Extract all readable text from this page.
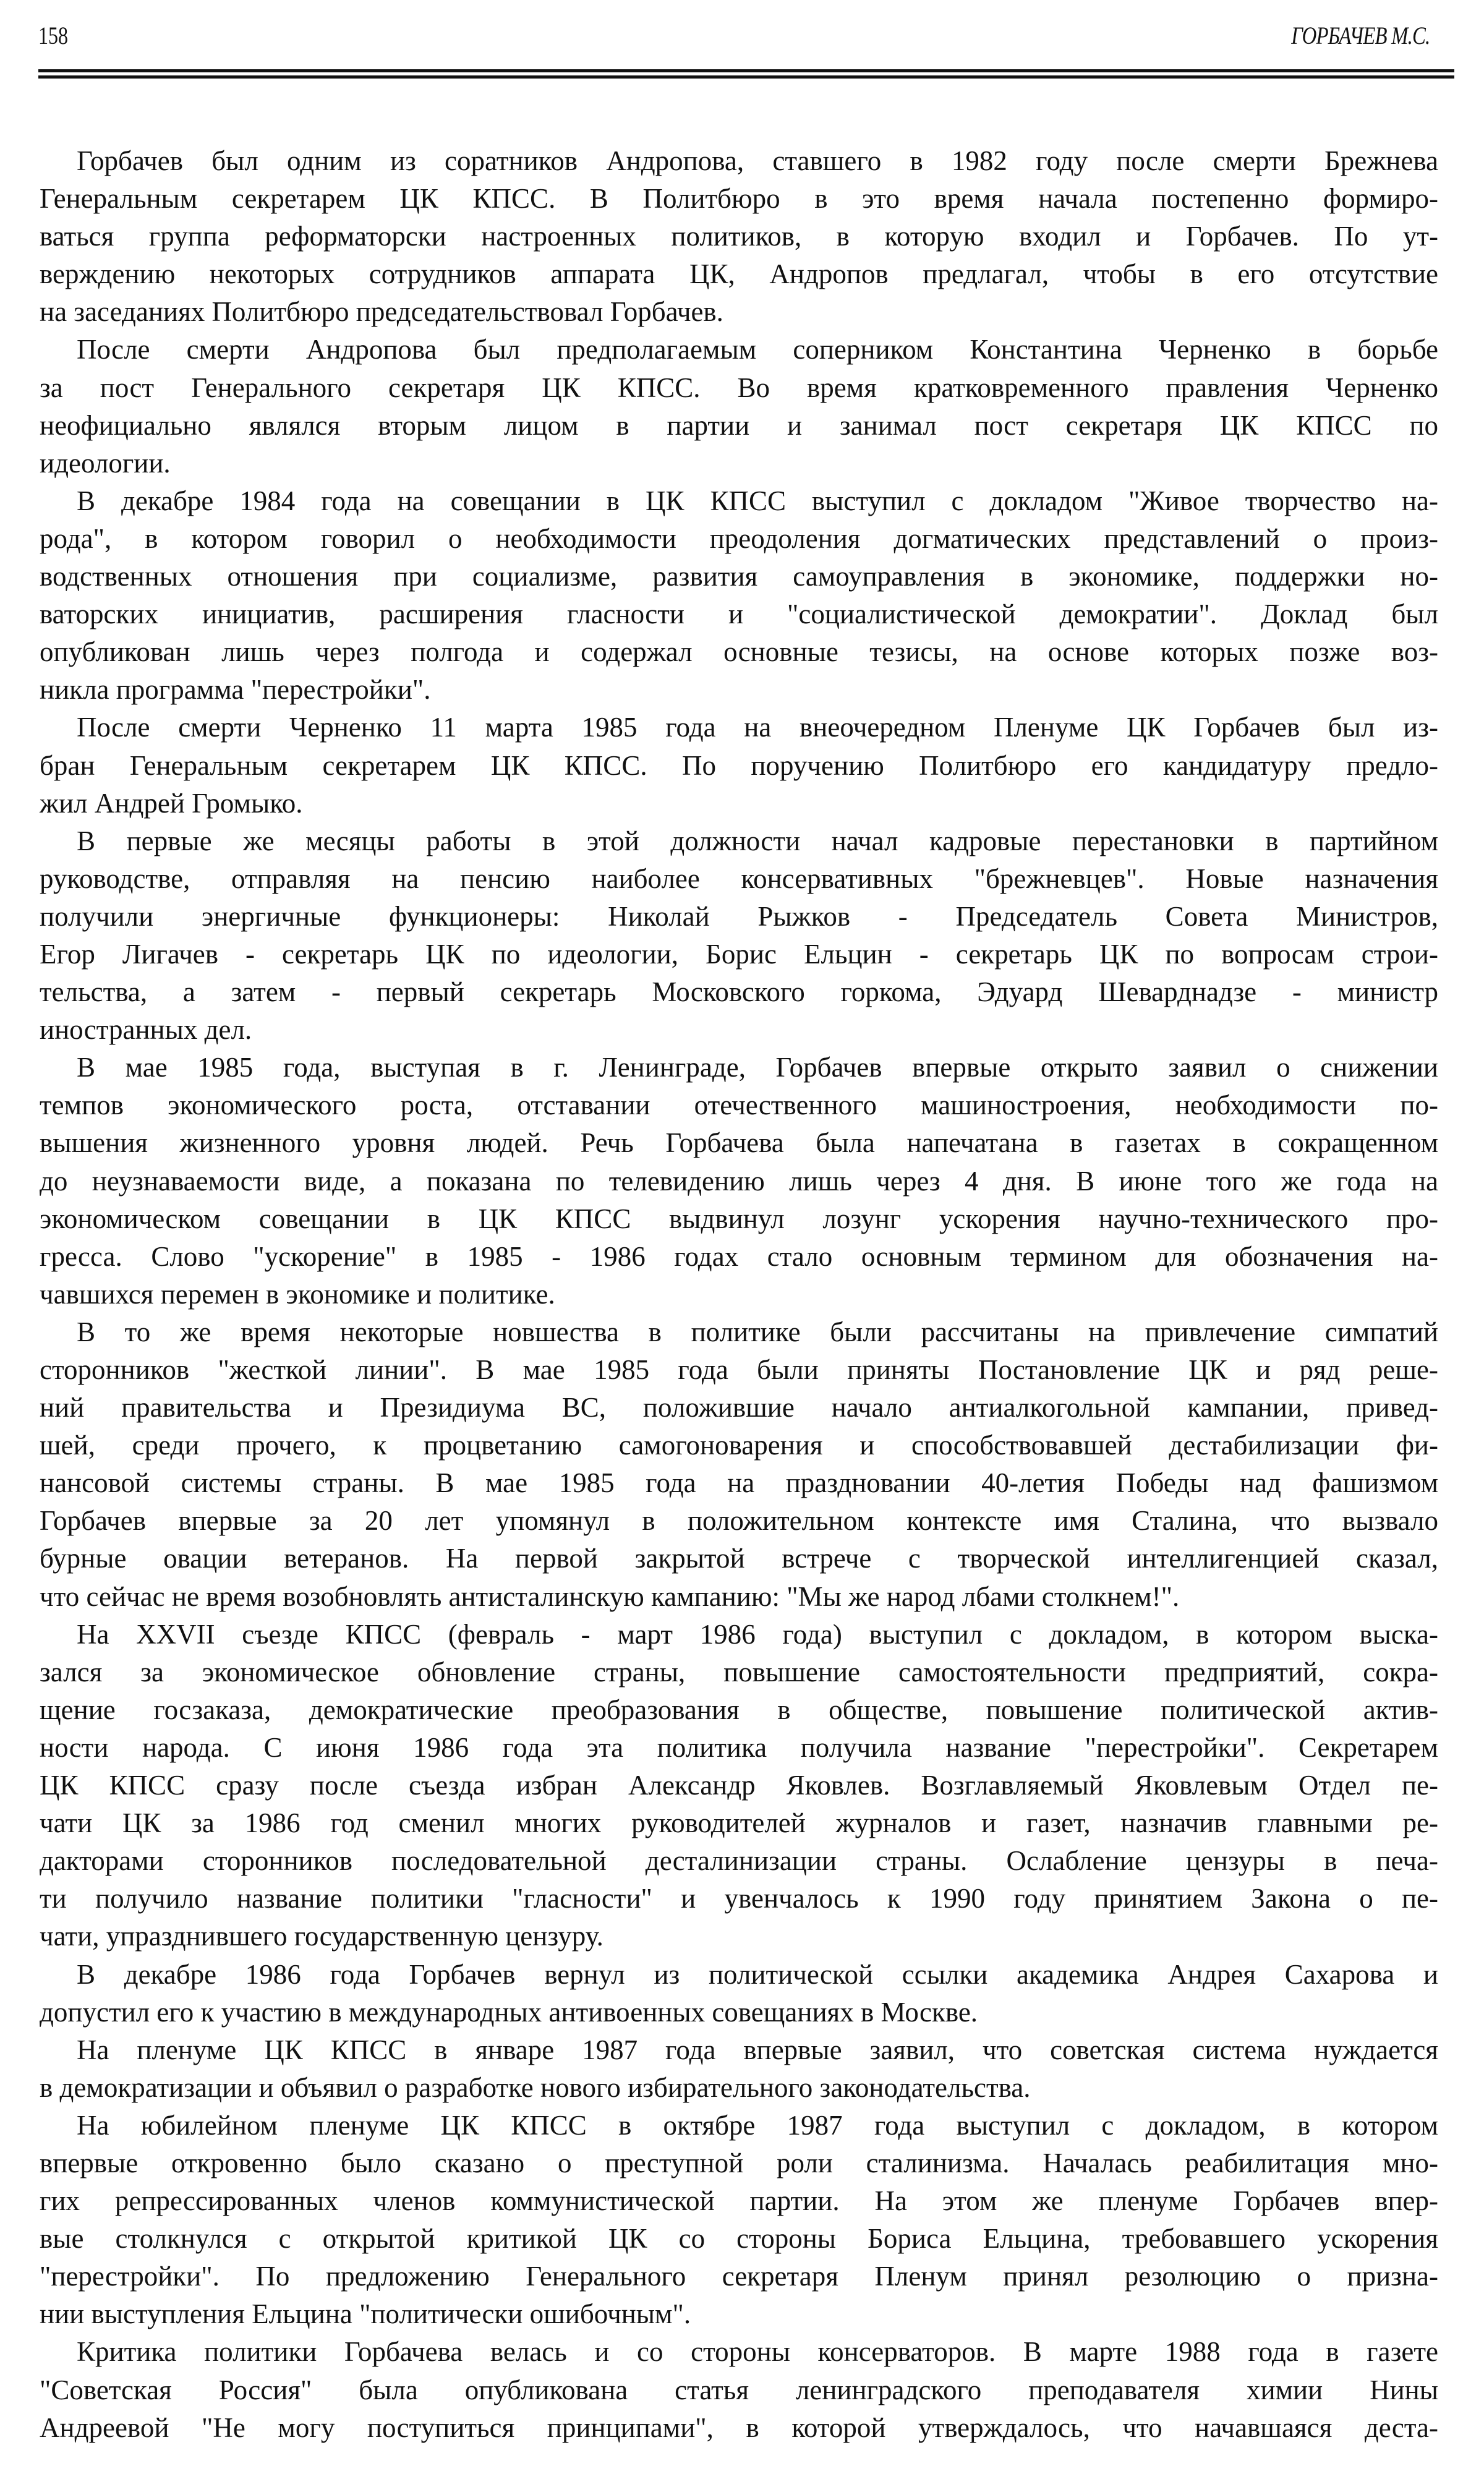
158	ГОРБАЧЕВ М.С.
Горбачев был одним из соратников Андропова, ставшего в 1982 году после смерти Брежнева
Генеральным секретарем ЦК КПСС. В Политбюро в это время начала постепенно формиро-
ваться группа реформаторски настроенных политиков, в которую входил и Горбачев. По ут-
верждению некоторых сотрудников аппарата ЦК, Андропов предлагал, чтобы в его отсутствие
на заседаниях Политбюро председательствовал Горбачев.
После смерти Андропова был предполагаемым соперником Константина Черненко в борьбе
за пост Генерального секретаря ЦК КПСС. Во время кратковременного правления Черненко
неофициально являлся вторым лицом в партии и занимал пост секретаря ЦК КПСС по
идеологии.
В декабре 1984 года на совещании в ЦК КПСС выступил с докладом "Живое творчество на-
рода", в котором говорил о необходимости преодоления догматических представлений о произ-
водственных отношения при социализме, развития самоуправления в экономике, поддержки но-
ваторских инициатив, расширения гласности и "социалистической демократии". Доклад был
опубликован лишь через полгода и содержал основные тезисы, на основе которых позже воз-
никла программа "перестройки".
После смерти Черненко 11 марта 1985 года на внеочередном Пленуме ЦК Горбачев был из-
бран Генеральным секретарем ЦК КПСС. По поручению Политбюро его кандидатуру предло-
жил Андрей Громыко.
В первые же месяцы работы в этой должности начал кадровые перестановки в партийном
руководстве, отправляя на пенсию наиболее консервативных "брежневцев". Новые назначения
получили энергичные функционеры: Николай Рыжков - Председатель Совета Министров,
Егор Лигачев - секретарь ЦК по идеологии, Борис Ельцин - секретарь ЦК по вопросам строи-
тельства, а затем - первый секретарь Московского горкома, Эдуард Шеварднадзе - министр
иностранных дел.
В мае 1985 года, выступая в г. Ленинграде, Горбачев впервые открыто заявил о снижении
темпов экономического роста, отставании отечественного машиностроения, необходимости по-
вышения жизненного уровня людей. Речь Горбачева была напечатана в газетах в сокращенном
до неузнаваемости виде, а показана по телевидению лишь через 4 дня. В июне того же года на
экономическом совещании в ЦК КПСС выдвинул лозунг ускорения научно-технического про-
гресса. Слово "ускорение" в 1985 - 1986 годах стало основным термином для обозначения на-
чавшихся перемен в экономике и политике.
В то же время некоторые новшества в политике были рассчитаны на привлечение симпатий
сторонников "жесткой линии". В мае 1985 года были приняты Постановление ЦК и ряд реше-
ний правительства и Президиума ВС, положившие начало антиалкогольной кампании, привед-
шей, среди прочего, к процветанию самогоноварения и способствовавшей дестабилизации фи-
нансовой системы страны. В мае 1985 года на праздновании 40-летия Победы над фашизмом
Горбачев впервые за 20 лет упомянул в положительном контексте имя Сталина, что вызвало
бурные овации ветеранов. На первой закрытой встрече с творческой интеллигенцией сказал,
что сейчас не время возобновлять антисталинскую кампанию: "Мы же народ лбами столкнем!".
На XXVII съезде КПСС (февраль - март 1986 года) выступил с докладом, в котором выска-
зался за экономическое обновление страны, повышение самостоятельности предприятий, сокра-
щение госзаказа, демократические преобразования в обществе, повышение политической актив-
ности народа. С июня 1986 года эта политика получила название "перестройки". Секретарем
ЦК КПСС сразу после съезда избран Александр Яковлев. Возглавляемый Яковлевым Отдел пе-
чати ЦК за 1986 год сменил многих руководителей журналов и газет, назначив главными ре-
дакторами сторонников последовательной десталинизации страны. Ослабление цензуры в печа-
ти получило название политики "гласности" и увенчалось к 1990 году принятием Закона о пе-
чати, упразднившего государственную цензуру.
В декабре 1986 года Горбачев вернул из политической ссылки академика Андрея Сахарова и
допустил его к участию в международных антивоенных совещаниях в Москве.
На пленуме ЦК КПСС в январе 1987 года впервые заявил, что советская система нуждается
в демократизации и объявил о разработке нового избирательного законодательства.
На юбилейном пленуме ЦК КПСС в октябре 1987 года выступил с докладом, в котором
впервые откровенно было сказано о преступной роли сталинизма. Началась реабилитация мно-
гих репрессированных членов коммунистической партии. На этом же пленуме Горбачев впер-
вые столкнулся с открытой критикой ЦК со стороны Бориса Ельцина, требовавшего ускорения
"перестройки". По предложению Генерального секретаря Пленум принял резолюцию о призна-
нии выступления Ельцина "политически ошибочным".
Критика политики Горбачева велась и со стороны консерваторов. В марте 1988 года в газете
"Советская Россия" была опубликована статья ленинградского преподавателя химии Нины
Андреевой "Не могу поступиться принципами", в которой утверждалось, что начавшаяся деста-
